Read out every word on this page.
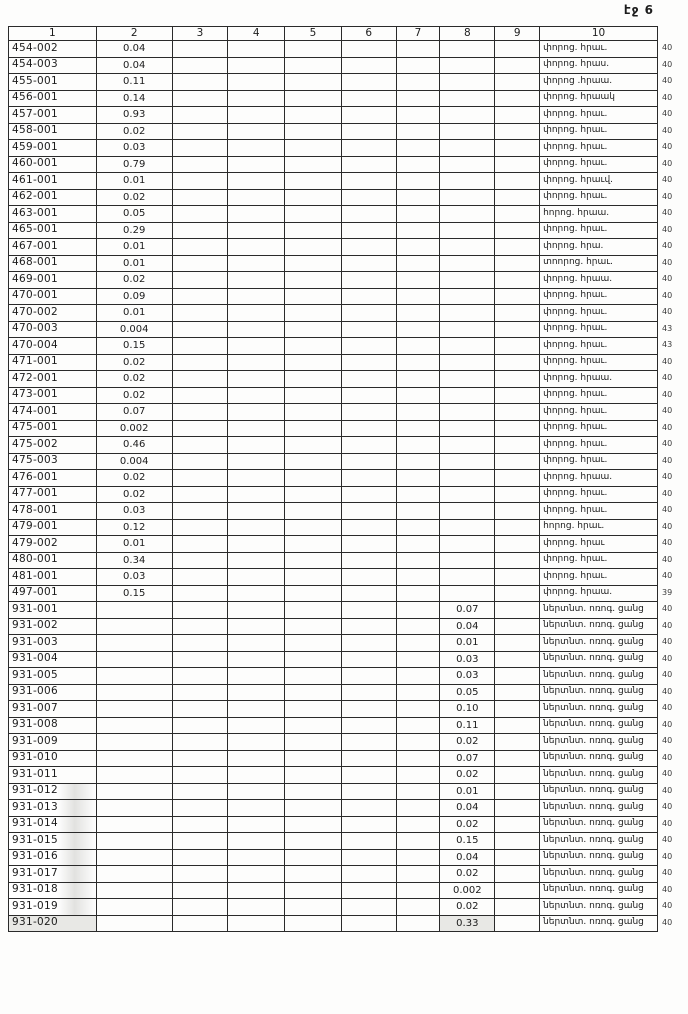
էջ 6
1	2	3	4	5	6	7	8	9	10	
454-002	0.04								փորոց. հրաւ.	40
454-003	0.04								փորոց. հրաս.	40
455-001	0.11								փորոց .հրաա.	40
456-001	0.14								փորոց. հրաակ	40
457-001	0.93								փորոց. հրաւ.	40
458-001	0.02								փորոց. հրաւ.	40
459-001	0.03								փորոց. հրաւ.	40
460-001	0.79								փորոց. հրաւ.	40
461-001	0.01								փորոց. հրաւվ.	40
462-001	0.02								փորոց. հրաւ.	40
463-001	0.05								հորոց. հրաա.	40
465-001	0.29								փորոց. հրաւ.	40
467-001	0.01								փորոց. հրա.	40
468-001	0.01								տոորոց. հրաւ.	40
469-001	0.02								փորոց. հրաա.	40
470-001	0.09								փորոց. հրաւ.	40
470-002	0.01								փորոց. հրաւ.	40
470-003	0.004								փորոց. հրաւ.	43
470-004	0.15								փորոց. հրաւ.	43
471-001	0.02								փորոց. հրաւ.	40
472-001	0.02								փորոց. հրաա.	40
473-001	0.02								փորոց. հրաւ.	40
474-001	0.07								փորոց. հրաւ.	40
475-001	0.002								փորոց. հրաւ.	40
475-002	0.46								փորոց. հրաւ.	40
475-003	0.004								փորոց. հրաւ.	40
476-001	0.02								փորոց. հրաա.	40
477-001	0.02								փորոց. հրաւ.	40
478-001	0.03								փորոց. հրաւ.	40
479-001	0.12								հորոց. հրաւ.	40
479-002	0.01								փորոց. հրաւ	40
480-001	0.34								փորոց. հրաւ.	40
481-001	0.03								փորոց. հրաւ.	40
497-001	0.15								փորոց. հրաա.	39
931-001							0.07		ներտնտ. ոռոգ. ցանց	40
931-002							0.04		ներտնտ. ոռոգ. ցանց	40
931-003							0.01		ներտնտ. ոռոգ. ցանց	40
931-004							0.03		ներտնտ. ոռոգ. ցանց	40
931-005							0.03		ներտնտ. ոռոգ. ցանց	40
931-006							0.05		ներտնտ. ոռոգ. ցանց	40
931-007							0.10		ներտնտ. ոռոգ. ցանց	40
931-008							0.11		ներտնտ. ոռոգ. ցանց	40
931-009							0.02		ներտնտ. ոռոգ. ցանց	40
931-010							0.07		ներտնտ. ոռոգ. ցանց	40
931-011							0.02		ներտնտ. ոռոգ. ցանց	40
931-012							0.01		ներտնտ. ոռոգ. ցանց	40
931-013							0.04		ներտնտ. ոռոգ. ցանց	40
931-014							0.02		ներտնտ. ոռոգ. ցանց	40
931-015							0.15		ներտնտ. ոռոգ. ցանց	40
931-016							0.04		ներտնտ. ոռոգ. ցանց	40
931-017							0.02		ներտնտ. ոռոգ. ցանց	40
931-018							0.002		ներտնտ. ոռոգ. ցանց	40
931-019							0.02		ներտնտ. ոռոգ. ցանց	40
931-020							0.33		ներտնտ. ոռոգ. ցանց	40
